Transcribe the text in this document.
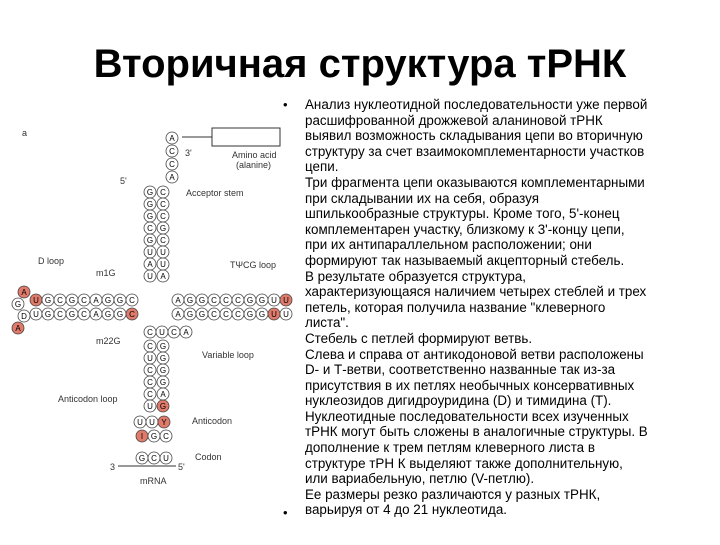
Вторичная структура тРНК
a
Amino acid (alanine)
3'
5'
Acceptor stem
D loop
m1G
TΨCG loop
m22G
Variable loop
Anticodon loop
Anticodon
Codon
3	5'
mRNA
A
C
C
A
G
G
G
C
G
U
A
U
C
C
C
G
C
U
U
A
U G C G C A G G C
U G C G C A G G C
A
G
D
A
A G G C C C G G U U
A G G C C C G G U U
C U C A
C
U
C
C
C
U
G
G
G
G
A
G
U U Y
I G C
G C U
•	Анализ нуклеотидной последовательности уже первой
расшифрованной дрожжевой аланиновой тРНК
выявил возможность складывания цепи во вторичную
структуру за счет взаимокомплементарности участков
цепи.

Три фрагмента цепи оказываются комплементарными
при складывании их на себя, образуя
шпилькообразные структуры. Кроме того, 5'-конец
комплементарен участку, близкому к 3'-концу цепи,
при их антипараллельном расположении; они
формируют так называемый акцепторный стебель.

В результате образуется структура,
характеризующаяся наличием четырех стеблей и трех
петель, которая получила название "клеверного
листа".

Стебель с петлей формируют ветвь.

Слева и справа от антикодоновой ветви расположены
D- и Т-ветви, соответственно названные так из-за
присутствия в их петлях необычных консервативных
нуклеозидов дигидроуридина (D) и тимидина (Т).

Нуклеотидные последовательности всех изученных
тРНК могут быть сложены в аналогичные структуры. В
дополнение к трем петлям клеверного листа в
структуре тРН К выделяют также дополнительную,
или вариабельную, петлю (V-петлю).

•

Ее размеры резко различаются у разных тРНК,
варьируя от 4 до 21 нуклеотида.
